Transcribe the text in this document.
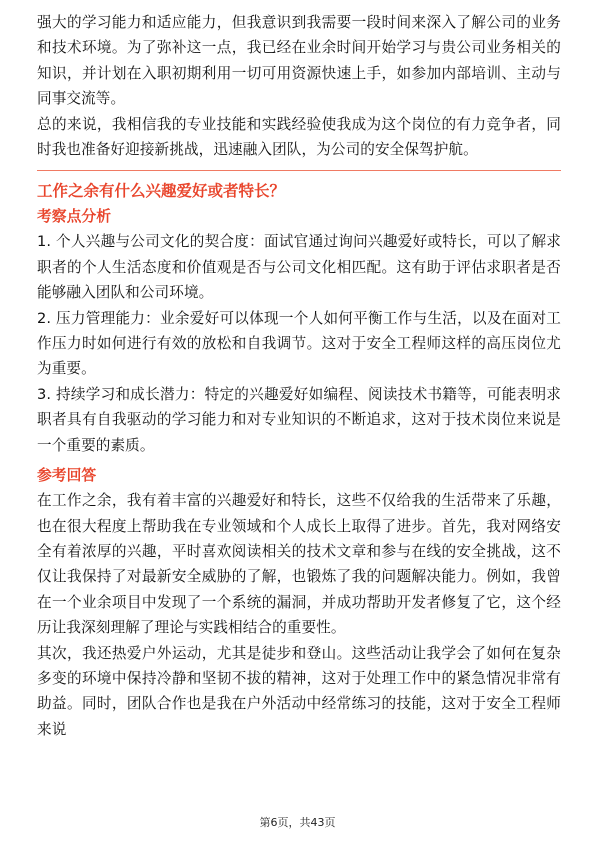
强大的学习能力和适应能力，但我意识到我需要一段时间来深入了解公司的业务和技术环境。为了弥补这一点，我已经在业余时间开始学习与贵公司业务相关的知识，并计划在入职初期利用一切可用资源快速上手，如参加内部培训、主动与同事交流等。

总的来说，我相信我的专业技能和实践经验使我成为这个岗位的有力竞争者，同时我也准备好迎接新挑战，迅速融入团队，为公司的安全保驾护航。

工作之余有什么兴趣爱好或者特长？
考察点分析

1. 个人兴趣与公司文化的契合度：面试官通过询问兴趣爱好或特长，可以了解求职者的个人生活态度和价值观是否与公司文化相匹配。这有助于评估求职者是否能够融入团队和公司环境。

2. 压力管理能力：业余爱好可以体现一个人如何平衡工作与生活，以及在面对工作压力时如何进行有效的放松和自我调节。这对于安全工程师这样的高压岗位尤为重要。

3. 持续学习和成长潜力：特定的兴趣爱好如编程、阅读技术书籍等，可能表明求职者具有自我驱动的学习能力和对专业知识的不断追求，这对于技术岗位来说是一个重要的素质。

参考回答

在工作之余，我有着丰富的兴趣爱好和特长，这些不仅给我的生活带来了乐趣，也在很大程度上帮助我在专业领域和个人成长上取得了进步。首先，我对网络安全有着浓厚的兴趣，平时喜欢阅读相关的技术文章和参与在线的安全挑战，这不仅让我保持了对最新安全威胁的了解，也锻炼了我的问题解决能力。例如，我曾在一个业余项目中发现了一个系统的漏洞，并成功帮助开发者修复了它，这个经历让我深刻理解了理论与实践相结合的重要性。

其次，我还热爱户外运动，尤其是徒步和登山。这些活动让我学会了如何在复杂多变的环境中保持冷静和坚韧不拔的精神，这对于处理工作中的紧急情况非常有助益。同时，团队合作也是我在户外活动中经常练习的技能，这对于安全工程师来说

第6页，共43页
